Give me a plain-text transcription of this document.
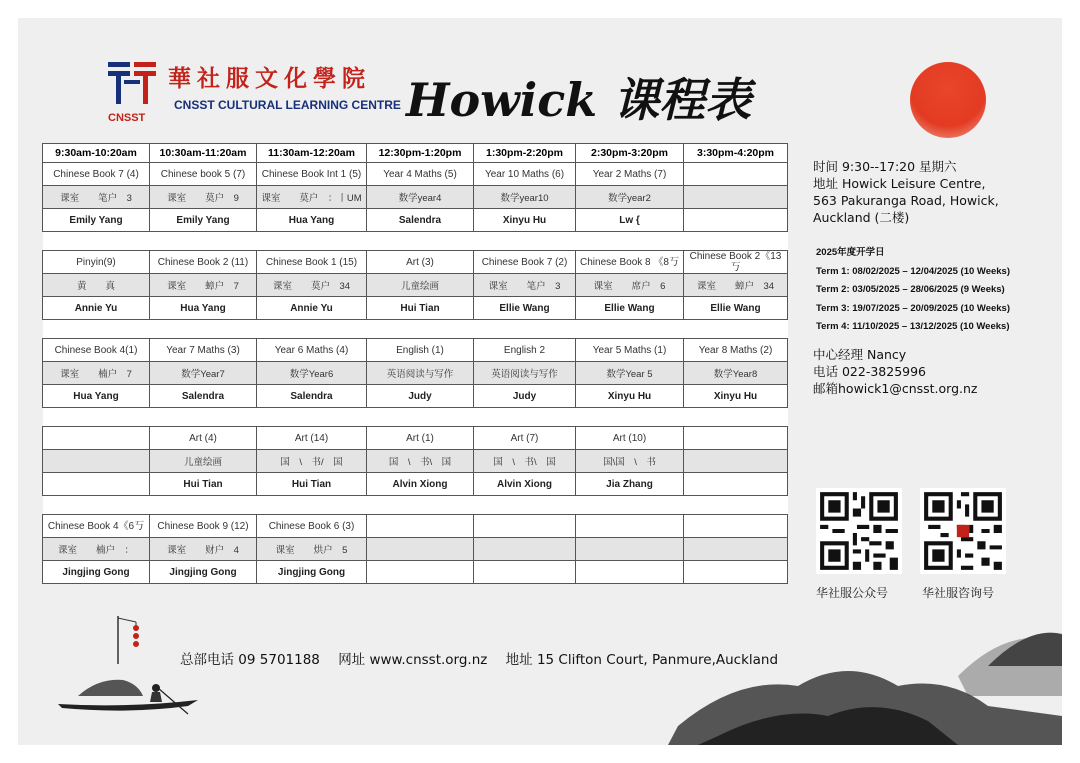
CNSST
華社服文化學院
CNSST CULTURAL LEARNING CENTRE Howick 课程表
9:30am-10:20am	10:30am-11:20am	11:30am-12:20am	12:30pm-1:20pm	1:30pm-2:20pm	2:30pm-3:20pm	3:30pm-4:20pm
Chinese Book 7 (4)	Chinese book 5 (7)	Chinese Book Int 1 (5)	Year 4 Maths (5)	Year 10 Maths (6)	Year 2 Maths (7)	
课室　　笔户　3	课室　　莫户　9	课室　　莫户　：丨UM	数学year4	数学year10	数学year2	
Emily Yang	Emily Yang	Hua Yang	Salendra	Xinyu Hu	Lw {	

Pinyin(9)	Chinese Book 2 (11)	Chinese Book 1 (15)	Art (3)	Chinese Book 7 (2)	Chinese Book 8 《8丂	Chinese Book 2《13丂
黄　　真	课室　　蟑户　7	课室　　莫户　34	儿童绘画	课室　　笔户　3	课室　　席户　6	课室　　蟑户　34
Annie Yu	Hua Yang	Annie Yu	Hui Tian	Ellie Wang	Ellie Wang	Ellie Wang

Chinese Book 4(1)	Year 7 Maths (3)	Year 6 Maths (4)	English (1)	English 2	Year 5 Maths (1)	Year 8 Maths (2)
课室　　楠户　7	数学Year7	数学Year6	英语阅读与写作	英语阅读与写作	数学Year 5	数学Year8
Hua Yang	Salendra	Salendra	Judy	Judy	Xinyu Hu	Xinyu Hu

	Art (4)	Art (14)	Art (1)	Art (7)	Art (10)	
	儿童绘画	国　\　书/　国	国　\　书\　国	国　\　书\　国	国\国　\　书	
	Hui Tian	Hui Tian	Alvin Xiong	Alvin Xiong	Jia Zhang	

Chinese Book 4《6丂	Chinese Book 9 (12)	Chinese Book 6 (3)				
课室　　楠户　：	课室　　财户　4	课室　　烘户　5				
Jingjing Gong	Jingjing Gong	Jingjing Gong				
时间 9:30--17:20 星期六
地址 Howick Leisure Centre,
563 Pakuranga Road, Howick,
Auckland (二楼)
2025年度开学日
Term 1: 08/02/2025 – 12/04/2025 (10 Weeks)
Term 2: 03/05/2025 – 28/06/2025 (9 Weeks)
Term 3: 19/07/2025 – 20/09/2025 (10 Weeks)
Term 4: 11/10/2025 – 13/12/2025 (10 Weeks)
中心经理 Nancy
电话 022-3825996
邮箱howick1@cnsst.org.nz
华社服公众号	华社服咨询号
总部电话 09 5701188 网址 www.cnsst.org.nz 地址 15 Clifton Court, Panmure,Auckland
